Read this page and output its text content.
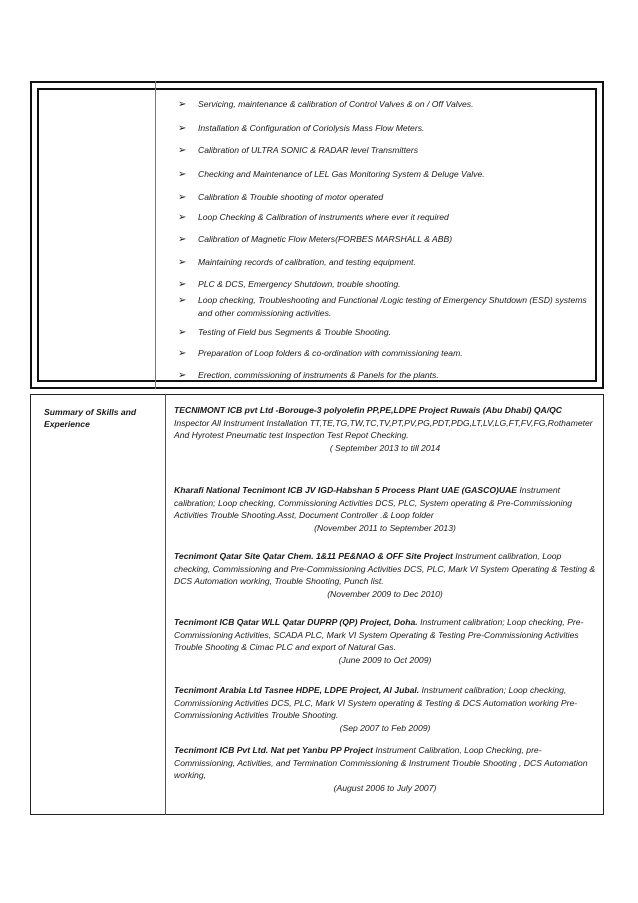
➢	Servicing, maintenance & calibration of Control Valves & on / Off Valves.
➢	Installation & Configuration of Coriolysis Mass Flow Meters.
➢	Calibration of ULTRA SONIC & RADAR level Transmitters
➢	Checking and Maintenance of LEL Gas Monitoring System & Deluge Valve.
➢	Calibration & Trouble shooting of motor operated
➢	Loop Checking & Calibration of instruments where ever it required
➢	Calibration of Magnetic Flow Meters(FORBES MARSHALL & ABB)
➢	Maintaining records of calibration, and testing equipment.
➢	PLC & DCS, Emergency Shutdown, trouble shooting.
➢	Loop checking, Troubleshooting and Functional /Logic testing of Emergency Shutdown (ESD) systems and other commissioning activities.
➢	Testing of Field bus Segments & Trouble Shooting.
➢	Preparation of Loop folders & co-ordination with commissioning team.
➢	Erection, commissioning of instruments & Panels for the plants.
Summary of Skills and Experience
TECNIMONT ICB pvt Ltd -Borouge-3 polyolefin PP,PE,LDPE Project Ruwais (Abu Dhabi) QA/QC Inspector All Instrument Installation TT,TE,TG,TW,TC,TV,PT,PV,PG,PDT,PDG,LT,LV,LG,FT,FV,FG,Rothameter And Hyrotest Pneumatic test Inspection Test Repot Checking.
( September 2013 to till 2014
Kharafi National Tecnimont ICB JV IGD-Habshan 5 Process Plant UAE (GASCO)UAE Instrument calibration; Loop checking, Commissioning Activities DCS, PLC, System operating & Pre-Commissioning Activities Trouble Shooting.Asst, Document Controller .& Loop folder
(November 2011 to September 2013)
Tecnimont Qatar Site Qatar Chem. 1&11 PE&NAO & OFF Site Project Instrument calibration, Loop checking, Commissioning and Pre-Commissioning Activities DCS, PLC, Mark VI System Operating & Testing & DCS Automation working, Trouble Shooting, Punch list.
(November 2009 to Dec 2010)
Tecnimont ICB Qatar WLL Qatar DUPRP (QP) Project, Doha. Instrument calibration; Loop checking, Pre-Commissioning Activities, SCADA PLC, Mark VI System Operating & Testing Pre-Commissioning Activities Trouble Shooting & Cimac PLC and export of Natural Gas.
(June 2009 to Oct 2009)
Tecnimont Arabia Ltd Tasnee HDPE, LDPE Project, Al Jubal. Instrument calibration; Loop checking, Commissioning Activities DCS, PLC, Mark VI System operating & Testing & DCS Automation working Pre-Commissioning Activities Trouble Shooting.
(Sep 2007 to Feb 2009)
Tecnimont ICB Pvt Ltd. Nat pet Yanbu PP Project Instrument Calibration, Loop Checking, pre-Commissioning, Activities, and Termination Commissioning & Instrument Trouble Shooting , DCS Automation working,
(August 2006 to July 2007)
